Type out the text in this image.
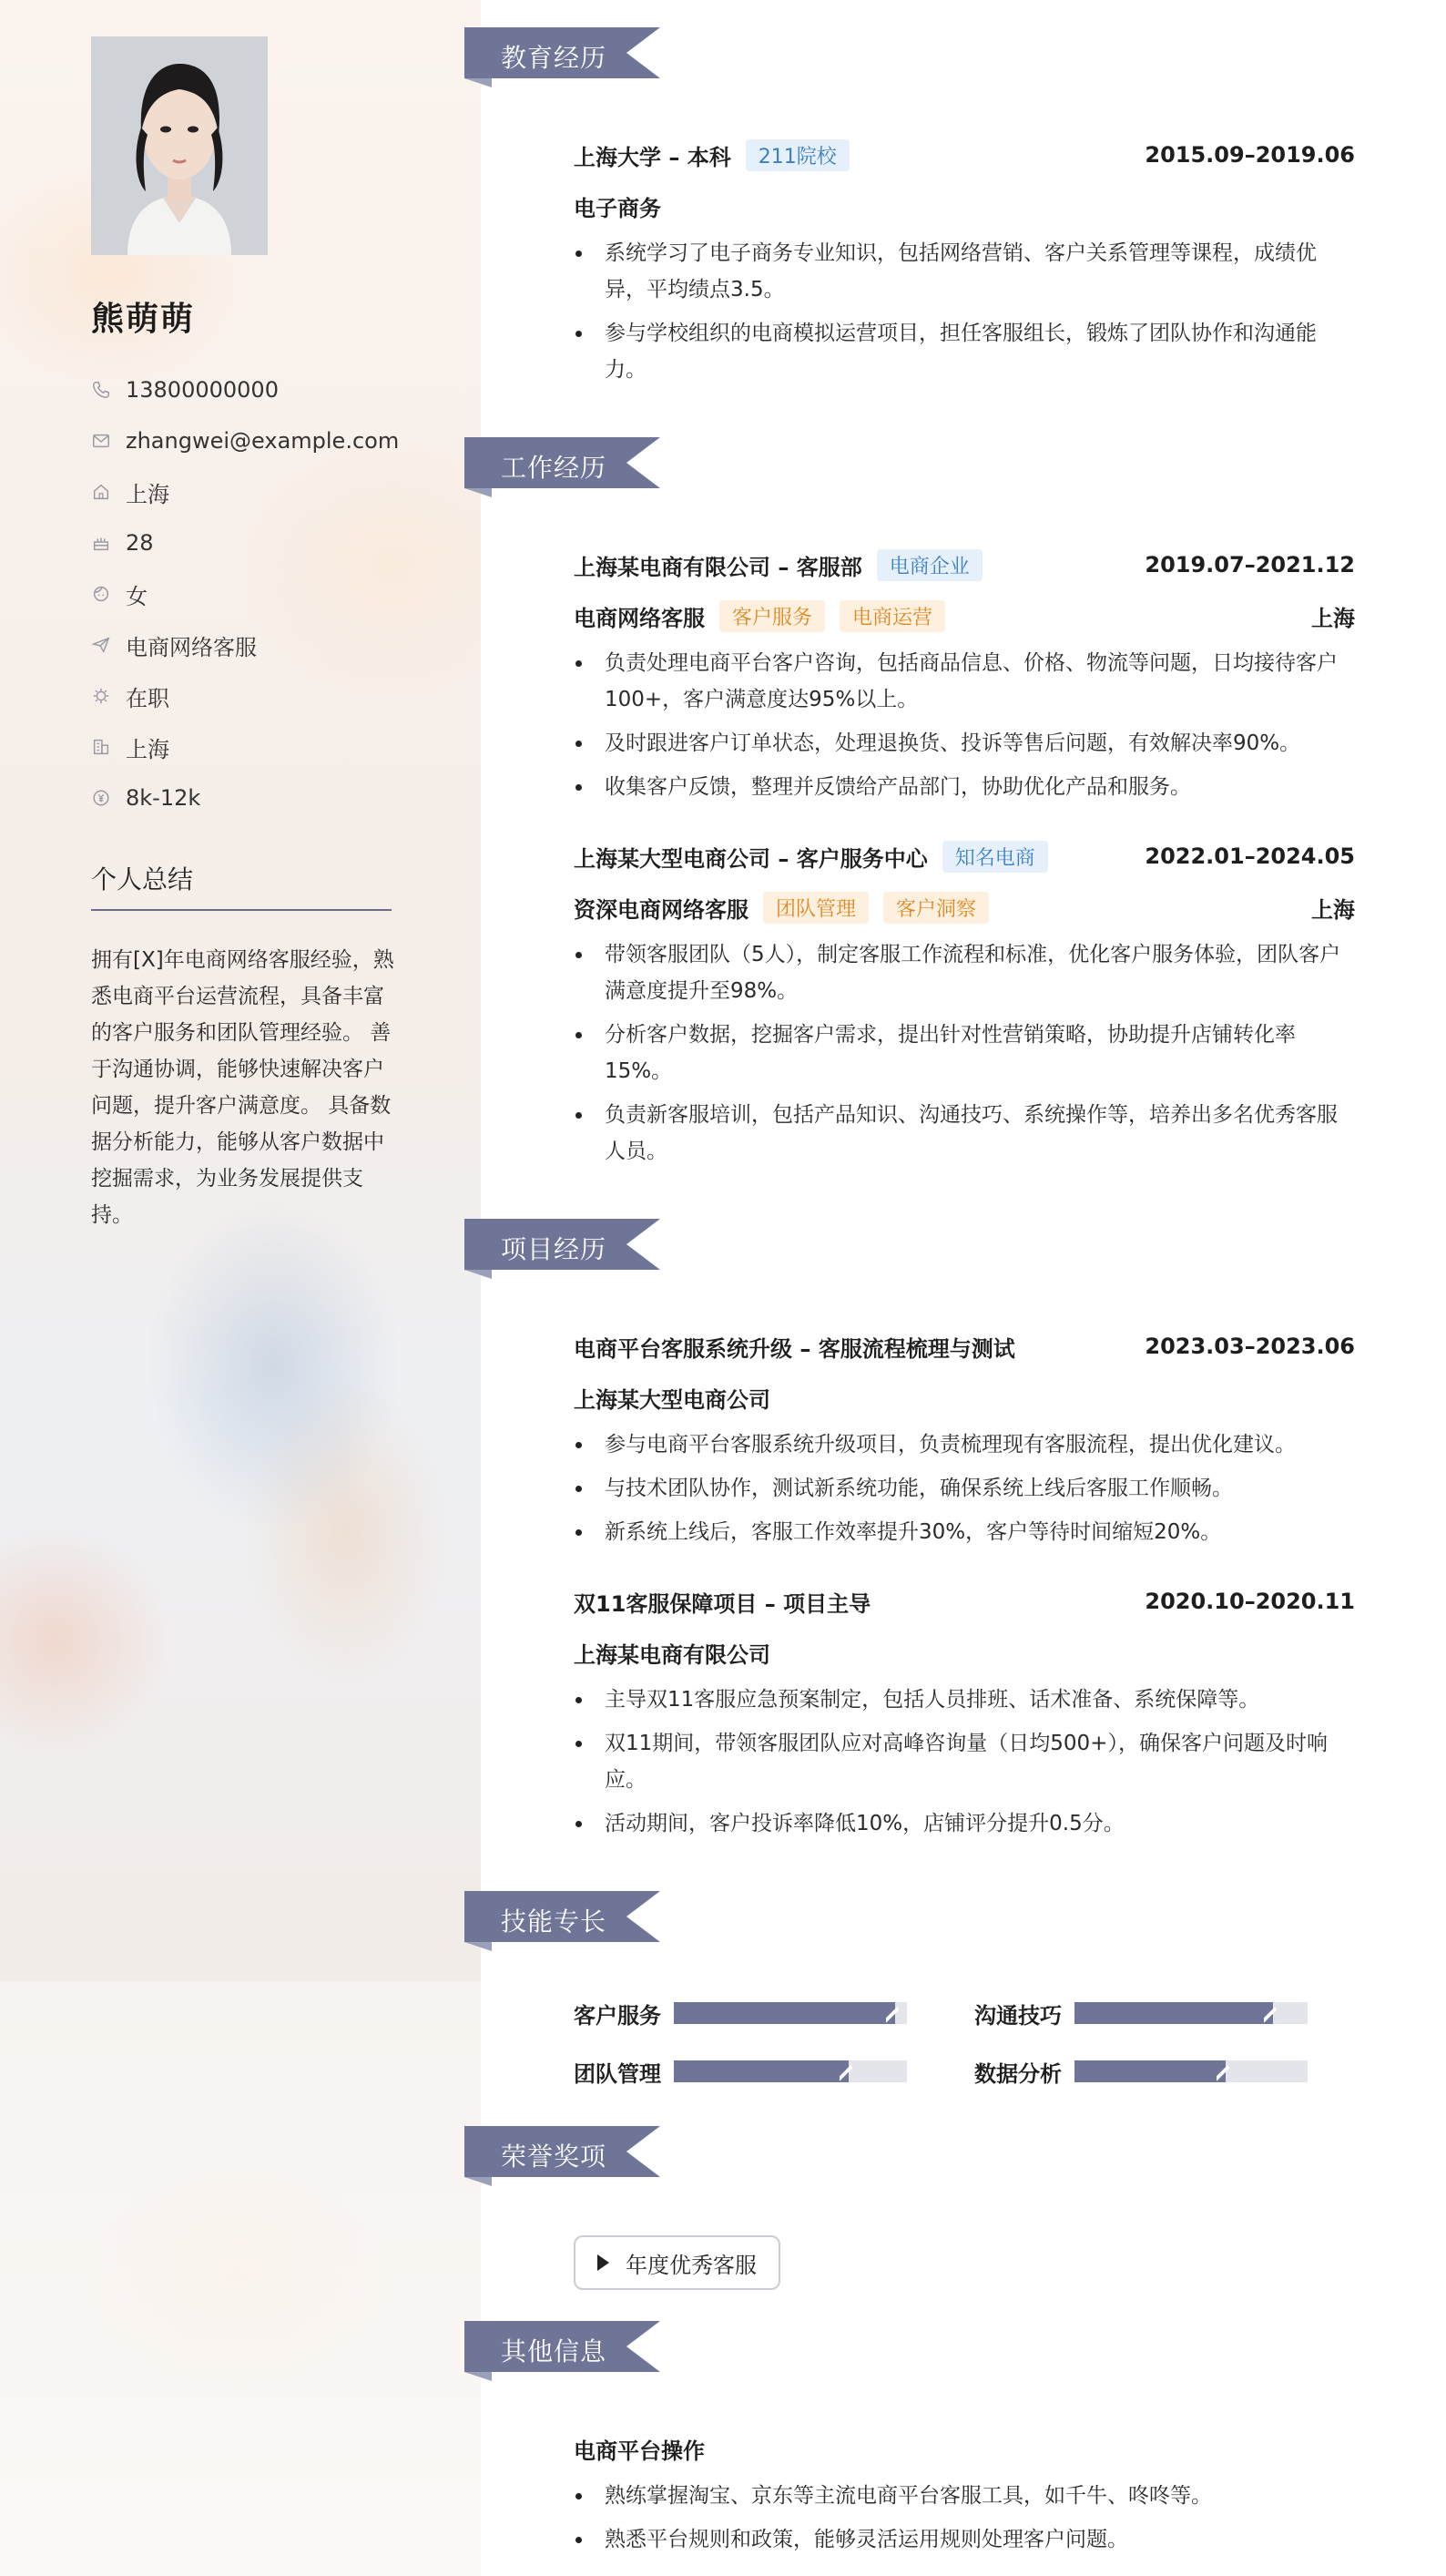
熊萌萌
13800000000
zhangwei@example.com
上海
28
女
电商网络客服
在职
上海
8k-12k
个人总结
拥有[X]年电商网络客服经验，熟悉电商平台运营流程，具备丰富的客户服务和团队管理经验。 善于沟通协调，能够快速解决客户问题，提升客户满意度。 具备数据分析能力，能够从客户数据中挖掘需求，为业务发展提供支持。
教育经历
工作经历
项目经历
技能专长
荣誉奖项
其他信息
上海大学 – 本科	211院校	2015.09–2019.06
电子商务
系统学习了电子商务专业知识，包括网络营销、客户关系管理等课程，成绩优异，平均绩点3.5。
参与学校组织的电商模拟运营项目，担任客服组长，锻炼了团队协作和沟通能力。
上海某电商有限公司 – 客服部	电商企业	2019.07–2021.12
电商网络客服	客户服务	电商运营	上海
负责处理电商平台客户咨询，包括商品信息、价格、物流等问题，日均接待客户100+，客户满意度达95%以上。
及时跟进客户订单状态，处理退换货、投诉等售后问题，有效解决率90%。
收集客户反馈，整理并反馈给产品部门，协助优化产品和服务。
上海某大型电商公司 – 客户服务中心	知名电商	2022.01–2024.05
资深电商网络客服	团队管理	客户洞察	上海
带领客服团队（5人），制定客服工作流程和标准，优化客户服务体验，团队客户满意度提升至98%。
分析客户数据，挖掘客户需求，提出针对性营销策略，协助提升店铺转化率15%。
负责新客服培训，包括产品知识、沟通技巧、系统操作等，培养出多名优秀客服人员。
电商平台客服系统升级 – 客服流程梳理与测试	2023.03–2023.06
上海某大型电商公司
参与电商平台客服系统升级项目，负责梳理现有客服流程，提出优化建议。
与技术团队协作，测试新系统功能，确保系统上线后客服工作顺畅。
新系统上线后，客服工作效率提升30%，客户等待时间缩短20%。
双11客服保障项目 – 项目主导	2020.10–2020.11
上海某电商有限公司
主导双11客服应急预案制定，包括人员排班、话术准备、系统保障等。
双11期间，带领客服团队应对高峰咨询量（日均500+），确保客户问题及时响应。
活动期间，客户投诉率降低10%，店铺评分提升0.5分。
客户服务	沟通技巧
团队管理	数据分析
年度优秀客服
电商平台操作
熟练掌握淘宝、京东等主流电商平台客服工具，如千牛、咚咚等。
熟悉平台规则和政策，能够灵活运用规则处理客户问题。
